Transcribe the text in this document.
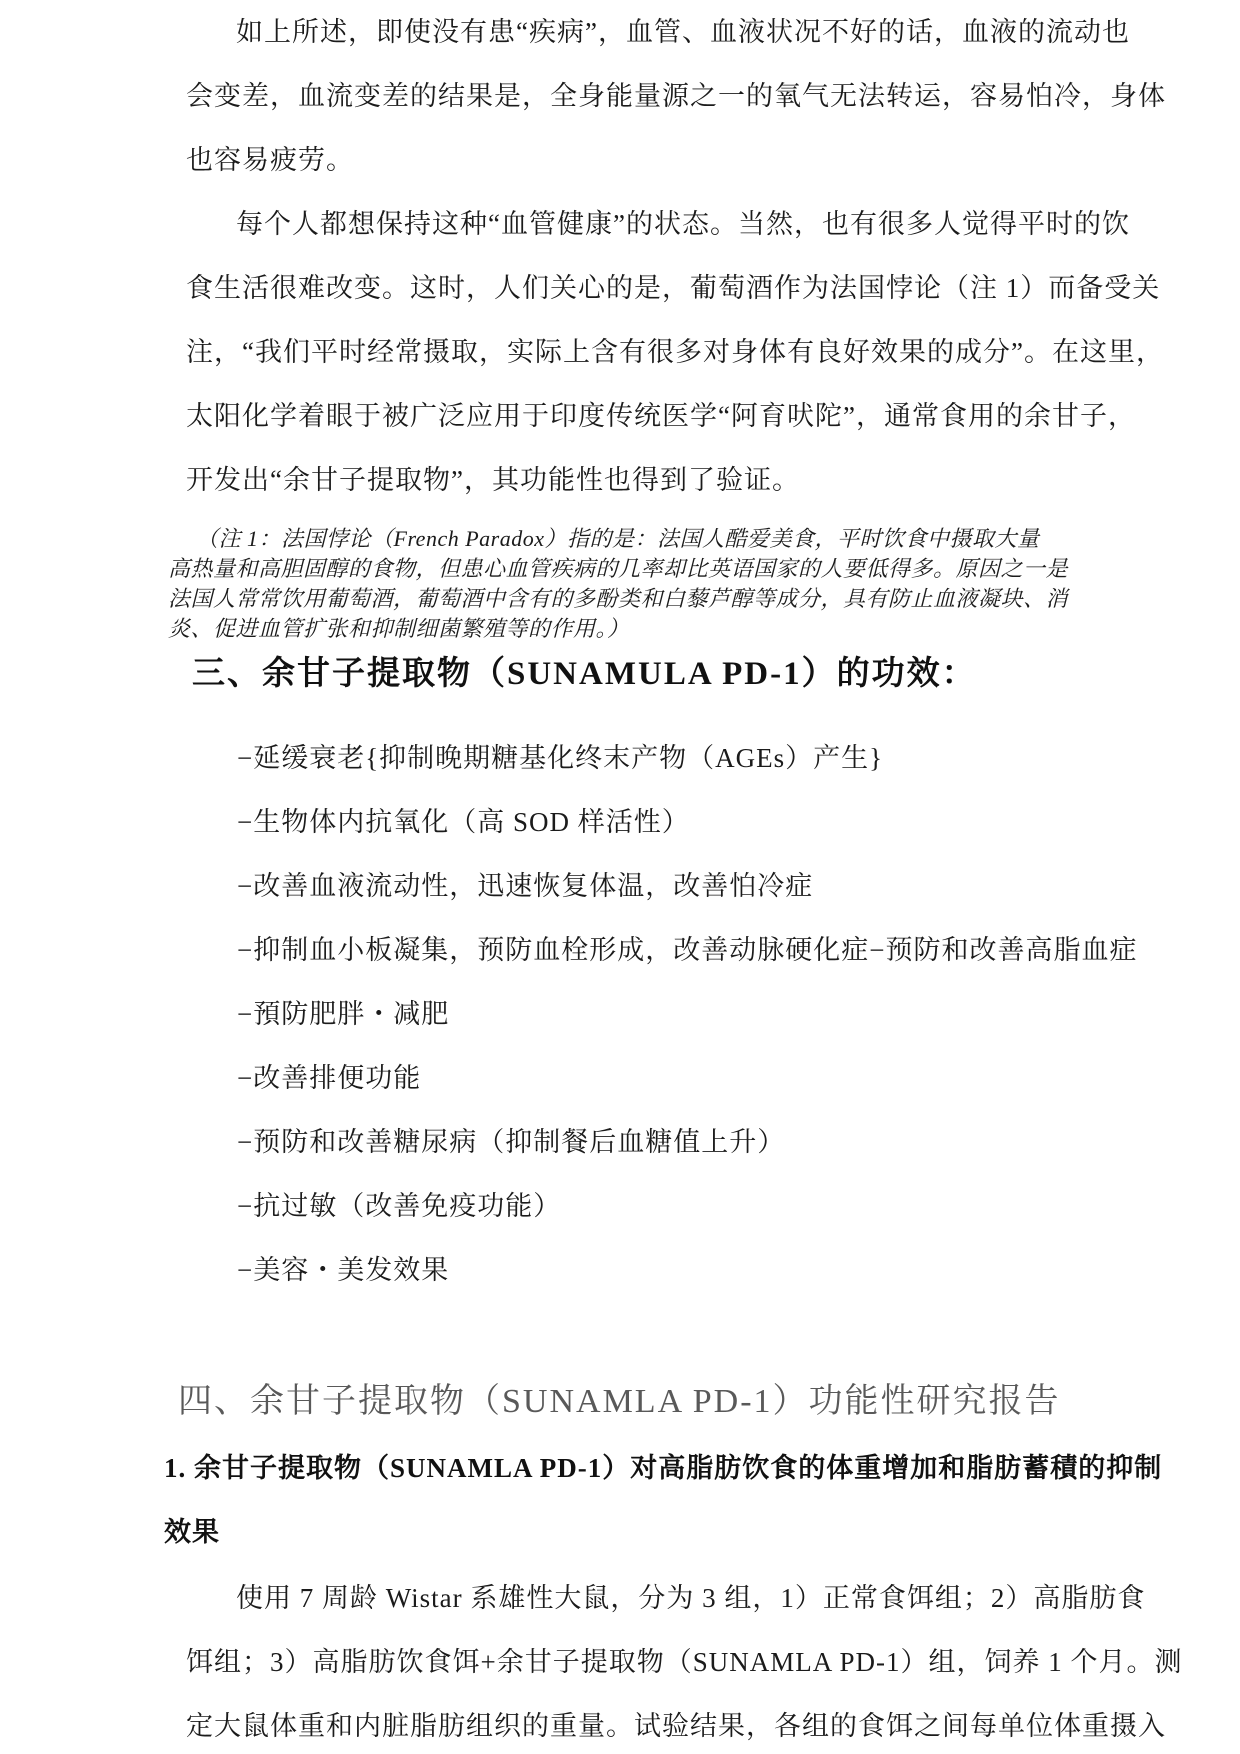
如上所述，即使没有患“疾病”，血管、血液状况不好的话，血液的流动也
会变差，血流变差的结果是，全身能量源之一的氧气无法转运，容易怕冷，身体
也容易疲劳。
每个人都想保持这种“血管健康”的状态。当然，也有很多人觉得平时的饮
食生活很难改变。这时，人们关心的是，葡萄酒作为法国悖论（注 1）而备受关
注，“我们平时经常摄取，实际上含有很多对身体有良好效果的成分”。在这里，
太阳化学着眼于被广泛应用于印度传统医学“阿育吠陀”，通常食用的余甘子，
开发出“余甘子提取物”，其功能性也得到了验证。
（注 1：法国悖论（French Paradox）指的是：法国人酷爱美食，平时饮食中摄取大量
高热量和高胆固醇的食物，但患心血管疾病的几率却比英语国家的人要低得多。原因之一是
法国人常常饮用葡萄酒，葡萄酒中含有的多酚类和白藜芦醇等成分，具有防止血液凝块、消
炎、促进血管扩张和抑制细菌繁殖等的作用。）
三、余甘子提取物（SUNAMULA PD-1）的功效：
−延缓衰老{抑制晚期糖基化终末产物（AGEs）产生}
−生物体内抗氧化（高 SOD 样活性）
−改善血液流动性，迅速恢复体温，改善怕冷症
−抑制血小板凝集，预防血栓形成，改善动脉硬化症−预防和改善高脂血症
−預防肥胖・减肥
−改善排便功能
−预防和改善糖尿病（抑制餐后血糖值上升）
−抗过敏（改善免疫功能）
−美容・美发效果
四、余甘子提取物（SUNAMLA PD-1）功能性研究报告
1. 余甘子提取物（SUNAMLA PD-1）对高脂肪饮食的体重增加和脂肪蓄積的抑制
效果
使用 7 周龄 Wistar 系雄性大鼠，分为 3 组，1）正常食饵组；2）高脂肪食
饵组；3）高脂肪饮食饵+余甘子提取物（SUNAMLA PD-1）组，饲养 1 个月。测
定大鼠体重和内脏脂肪组织的重量。试验结果，各组的食饵之间每单位体重摄入
